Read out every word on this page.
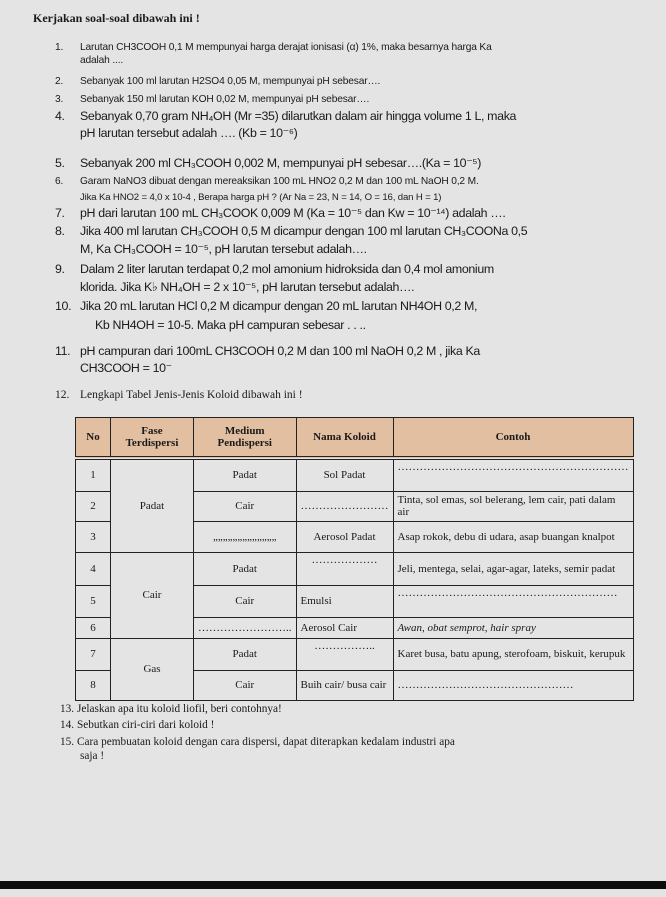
Kerjakan soal-soal dibawah ini !
1. Larutan CH3COOH 0,1 M mempunyai harga derajat ionisasi (α) 1%, maka besarnya harga Ka
adalah ....
2. Sebanyak 100 ml larutan H2SO4 0,05 M, mempunyai pH sebesar….
3. Sebanyak 150 ml larutan KOH 0,02 M, mempunyai pH sebesar….
4. Sebanyak 0,70 gram NH₄OH (Mr =35) dilarutkan dalam air hingga volume 1 L, maka
pH larutan tersebut adalah …. (Kb = 10⁻⁶)
5. Sebanyak 200 ml CH₃COOH 0,002 M, mempunyai pH sebesar….(Ka = 10⁻⁵)
6. Garam NaNO3 dibuat dengan mereaksikan 100 mL HNO2 0,2 M dan 100 mL NaOH 0,2 M.
Jika Ka HNO2 = 4,0 x 10-4 , Berapa harga pH ? (Ar Na = 23, N = 14, O = 16, dan H = 1)
7. pH dari larutan 100 mL CH₃COOK 0,009 M (Ka = 10⁻⁵ dan Kw = 10⁻¹⁴) adalah ….
8. Jika 400 ml larutan CH₃COOH 0,5 M dicampur dengan 100 ml larutan CH₃COONa 0,5
M, Ka CH₃COOH = 10⁻⁵, pH larutan tersebut adalah….
9. Dalam 2 liter larutan terdapat 0,2 mol amonium hidroksida dan 0,4 mol amonium
klorida. Jika K♭ NH₄OH = 2 x 10⁻⁵, pH larutan tersebut adalah….
10. Jika 20 mL larutan HCl 0,2 M dicampur dengan 20 mL larutan NH4OH 0,2 M,
Kb NH4OH = 10-5. Maka pH campuran sebesar . . ..
11. pH campuran dari 100mL CH3COOH 0,2 M dan 100 ml NaOH 0,2 M , jika Ka
CH3COOH = 10⁻
12. Lengkapi Tabel Jenis-Jenis Koloid dibawah ini !
No	Fase Terdispersi	Medium Pendispersi	Nama Koloid	Contoh
1	Padat	Padat	Sol Padat	………………………………………………………
2		Cair	……………………	Tinta, sol emas, sol belerang, lem cair, pati dalam air
3		„„„„„„„„„„„„„	Aerosol Padat	Asap rokok, debu di udara, asap buangan knalpot
4	Cair	Padat	………………	Jeli, mentega, selai, agar-agar, lateks, semir padat
5		Cair	Emulsi	……………………………………………………
6		……………………..	Aerosol Cair	Awan, obat semprot, hair spray
7	Gas	Padat	……………..	Karet busa, batu apung, sterofoam, biskuit, kerupuk
8		Cair	Buih cair/ busa cair	…………………………………………
13. Jelaskan apa itu koloid liofil, beri contohnya!
14. Sebutkan ciri-ciri dari koloid !
15. Cara pembuatan koloid dengan cara dispersi, dapat diterapkan kedalam industri apa
saja !
